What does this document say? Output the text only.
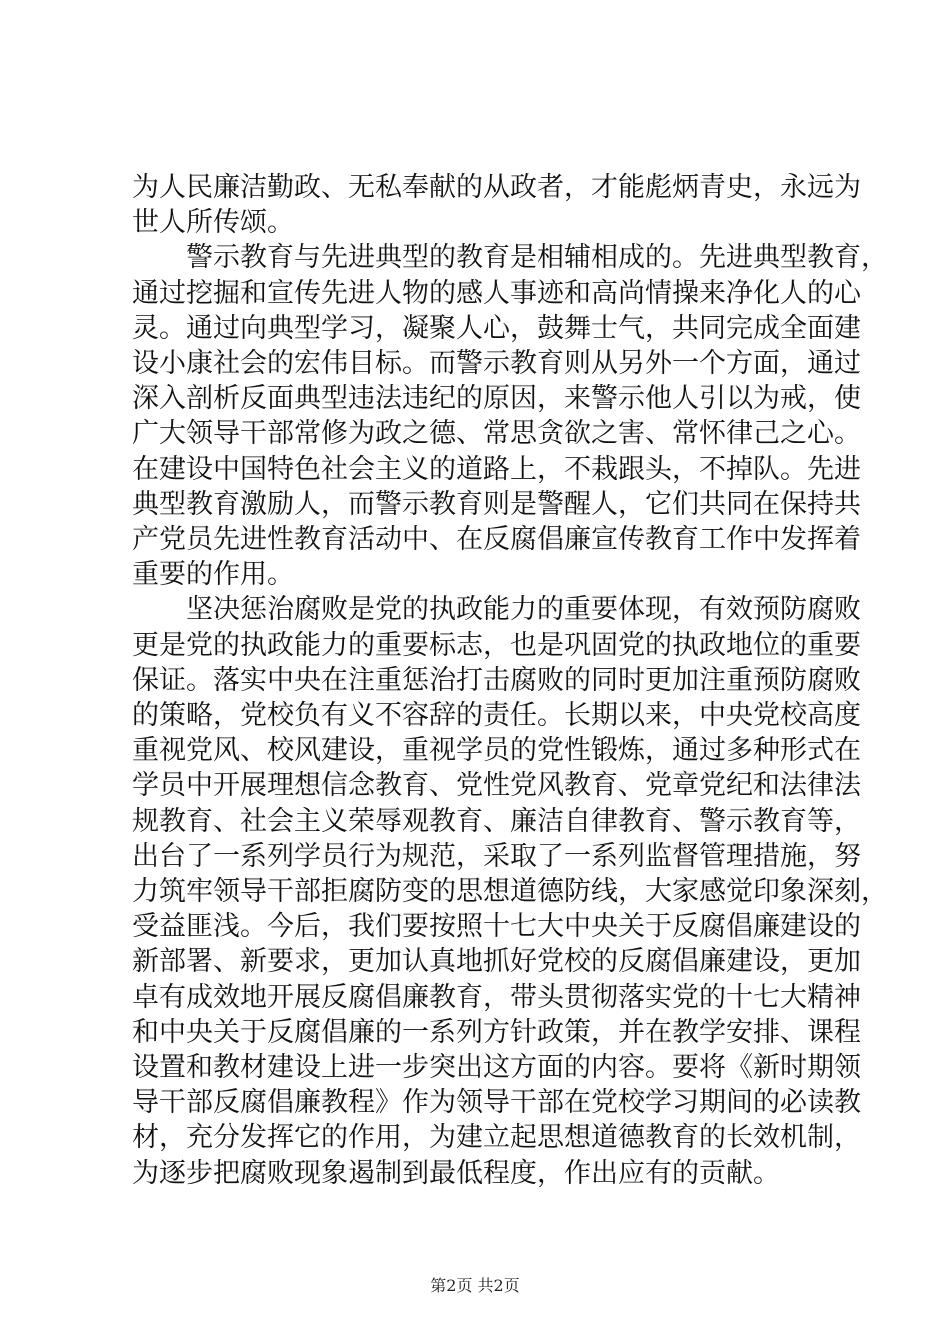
为人民廉洁勤政、无私奉献的从政者，才能彪炳青史，永远为
世人所传颂。

　　警示教育与先进典型的教育是相辅相成的。先进典型教育，
通过挖掘和宣传先进人物的感人事迹和高尚情操来净化人的心
灵。通过向典型学习，凝聚人心，鼓舞士气，共同完成全面建
设小康社会的宏伟目标。而警示教育则从另外一个方面，通过
深入剖析反面典型违法违纪的原因，来警示他人引以为戒，使
广大领导干部常修为政之德、常思贪欲之害、常怀律己之心。
在建设中国特色社会主义的道路上，不栽跟头，不掉队。先进
典型教育激励人，而警示教育则是警醒人，它们共同在保持共
产党员先进性教育活动中、在反腐倡廉宣传教育工作中发挥着
重要的作用。

　　坚决惩治腐败是党的执政能力的重要体现，有效预防腐败
更是党的执政能力的重要标志，也是巩固党的执政地位的重要
保证。落实中央在注重惩治打击腐败的同时更加注重预防腐败
的策略，党校负有义不容辞的责任。长期以来，中央党校高度
重视党风、校风建设，重视学员的党性锻炼，通过多种形式在
学员中开展理想信念教育、党性党风教育、党章党纪和法律法
规教育、社会主义荣辱观教育、廉洁自律教育、警示教育等，
出台了一系列学员行为规范，采取了一系列监督管理措施，努
力筑牢领导干部拒腐防变的思想道德防线，大家感觉印象深刻，
受益匪浅。今后，我们要按照十七大中央关于反腐倡廉建设的
新部署、新要求，更加认真地抓好党校的反腐倡廉建设，更加
卓有成效地开展反腐倡廉教育，带头贯彻落实党的十七大精神
和中央关于反腐倡廉的一系列方针政策，并在教学安排、课程
设置和教材建设上进一步突出这方面的内容。要将《新时期领
导干部反腐倡廉教程》作为领导干部在党校学习期间的必读教
材，充分发挥它的作用，为建立起思想道德教育的长效机制，
为逐步把腐败现象遏制到最低程度，作出应有的贡献。

第2页 共2页
